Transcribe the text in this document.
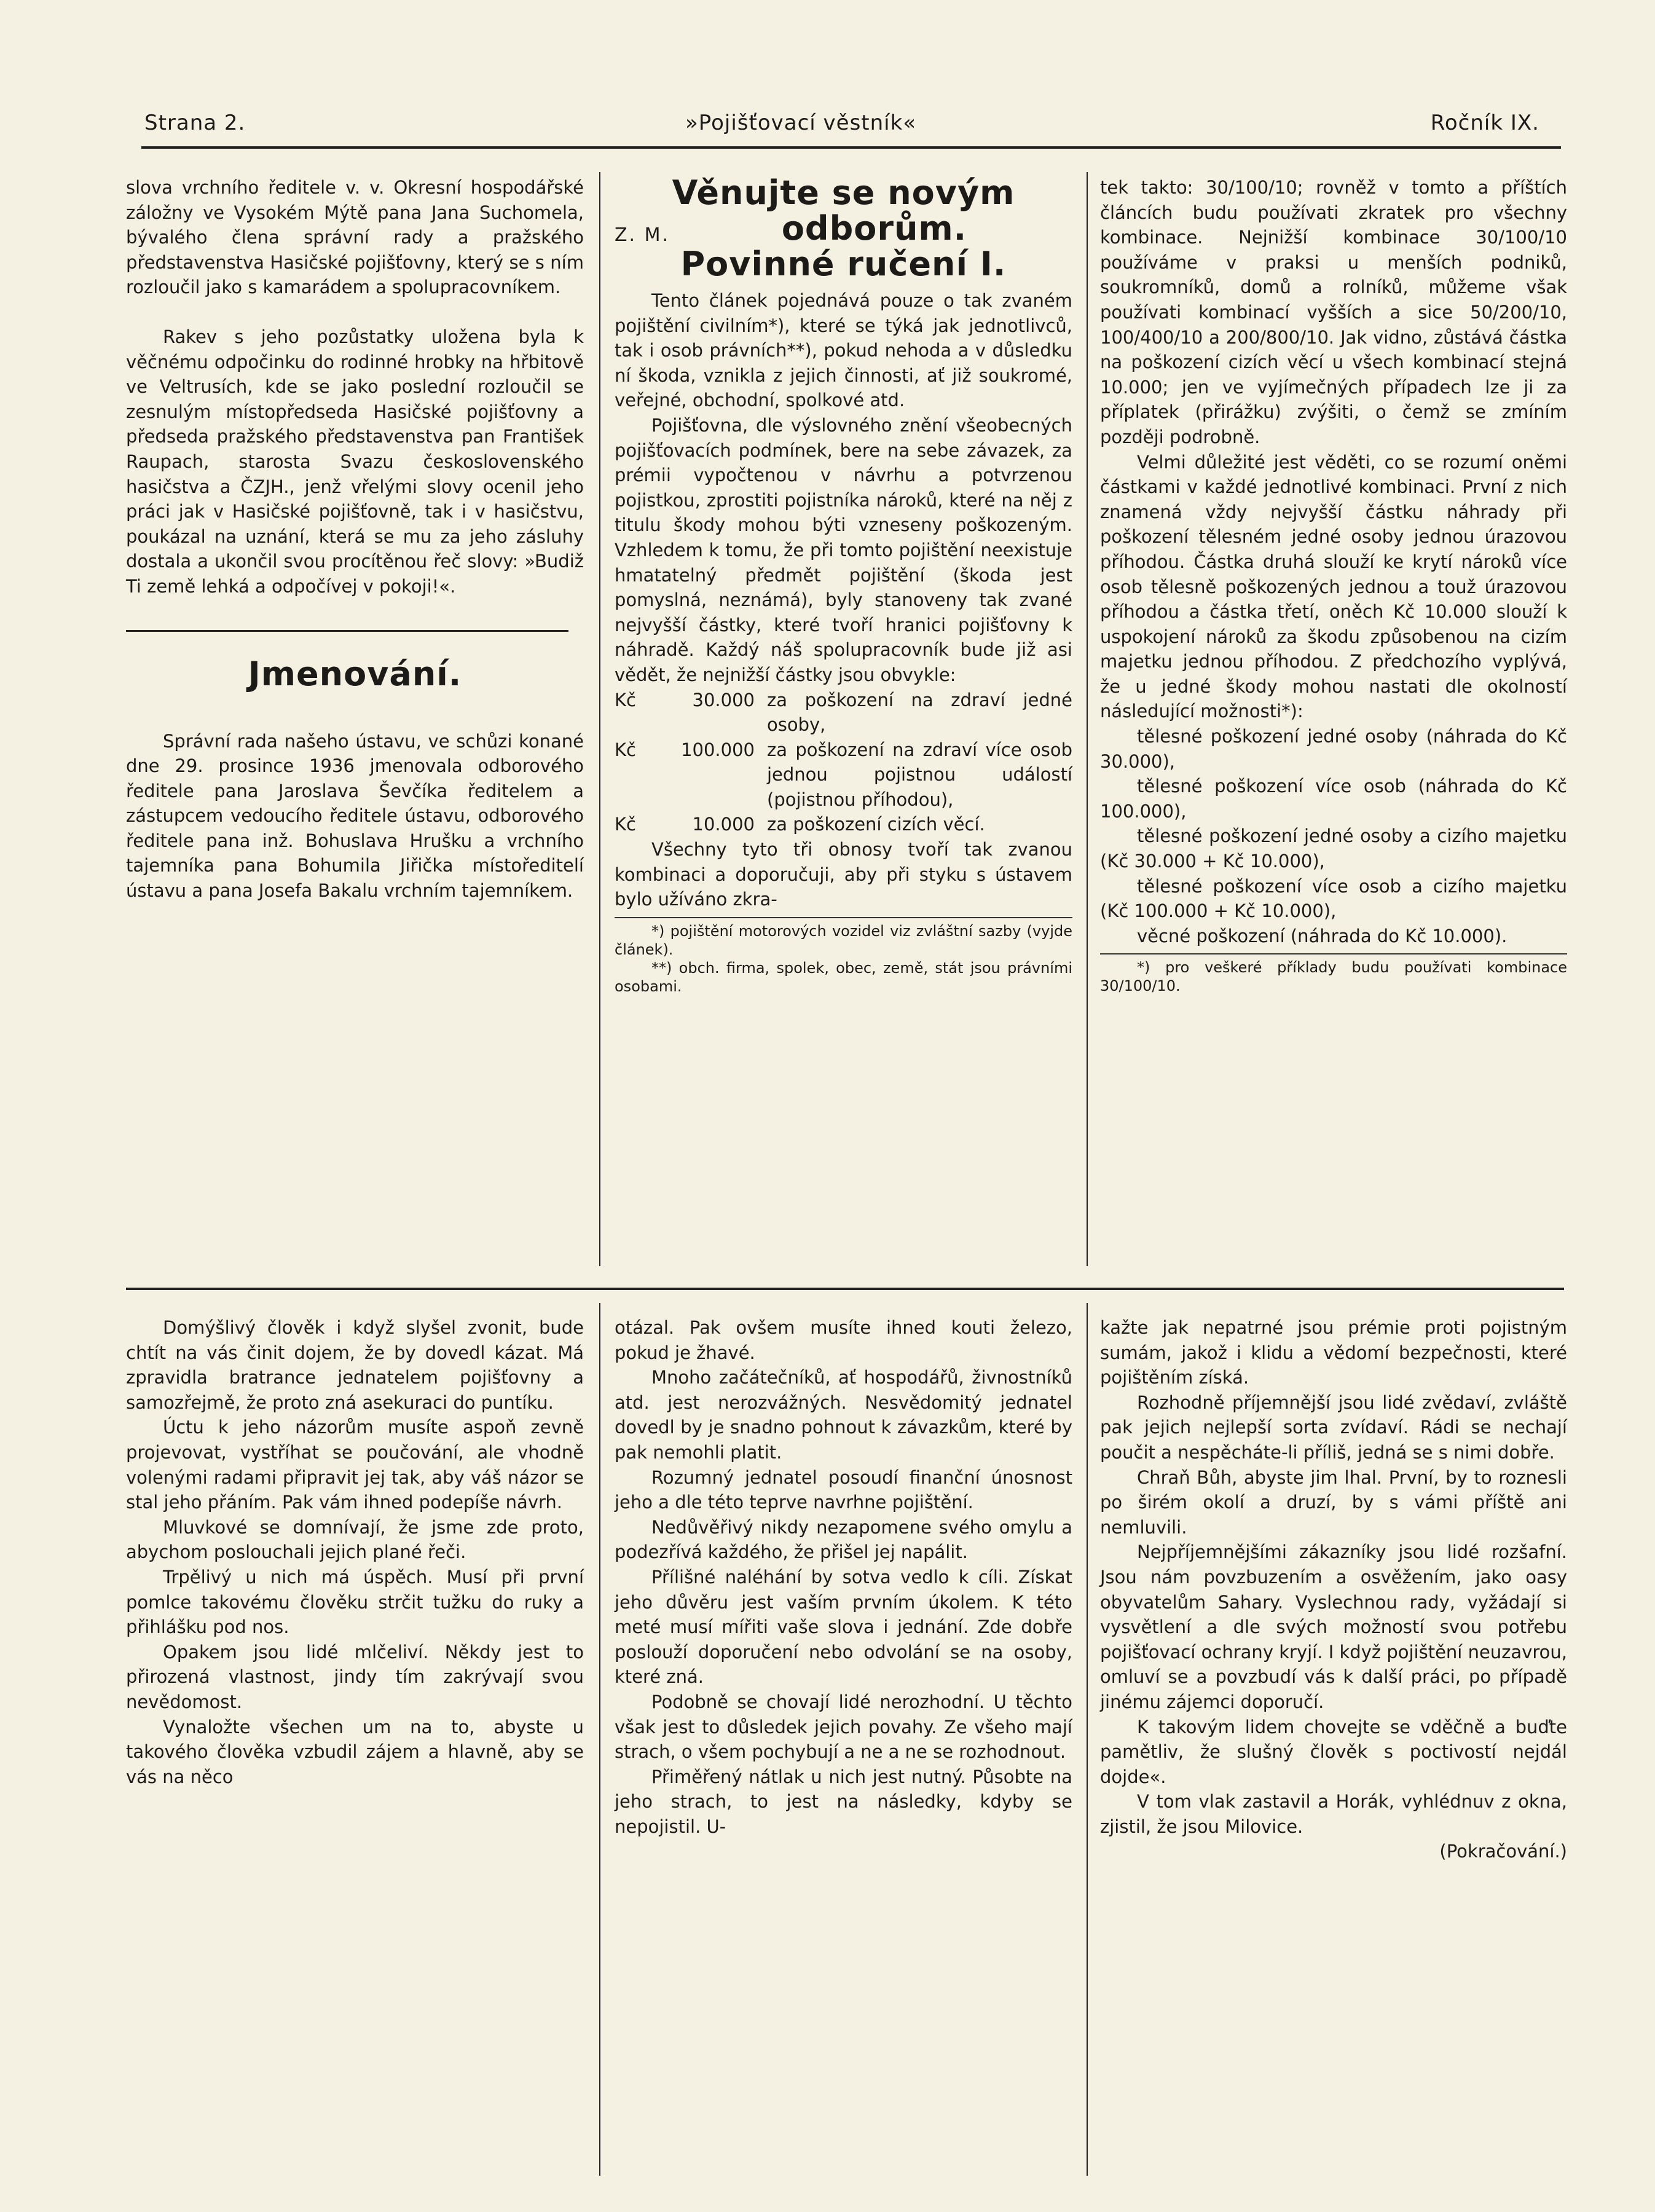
Strana 2.	»Pojišťovací věstník«	Ročník IX.

slova vrchního ředitele v. v. Okresní hospodářské záložny ve Vysokém Mýtě pana Jana Suchomela, bývalého člena správní rady a pražského představenstva Hasičské pojišťovny, který se s ním rozloučil jako s kamarádem a spolupracovníkem.

Rakev s jeho pozůstatky uložena byla k věčnému odpočinku do rodinné hrobky na hřbitově ve Veltrusích, kde se jako poslední rozloučil se zesnulým místopředseda Hasičské pojišťovny a předseda pražského představenstva pan František Raupach, starosta Svazu československého hasičstva a ČZJH., jenž vřelými slovy ocenil jeho práci jak v Hasičské pojišťovně, tak i v hasičstvu, poukázal na uznání, která se mu za jeho zásluhy dostala a ukončil svou procítěnou řeč slovy: »Budiž Ti země lehká a odpočívej v pokoji!«.

Jmenování.

Správní rada našeho ústavu, ve schůzi konané dne 29. prosince 1936 jmenovala odborového ředitele pana Jaroslava Ševčíka ředitelem a zástupcem vedoucího ředitele ústavu, odborového ředitele pana inž. Bohuslava Hrušku a vrchního tajemníka pana Bohumila Jiřička místoředitelí ústavu a pana Josefa Bakalu vrchním tajemníkem.

Z. M.
Věnujte se novým
odborům.
Povinné ručení I.

Tento článek pojednává pouze o tak zvaném pojištění civilním*), které se týká jak jednotlivců, tak i osob právních**), pokud nehoda a v důsledku ní škoda, vznikla z jejich činnosti, ať již soukromé, veřejné, obchodní, spolkové atd.

Pojišťovna, dle výslovného znění všeobecných pojišťovacích podmínek, bere na sebe závazek, za prémii vypočtenou v návrhu a potvrzenou pojistkou, zprostiti pojistníka nároků, které na něj z titulu škody mohou býti vzneseny poškozeným. Vzhledem k tomu, že při tomto pojištění neexistuje hmatatelný předmět pojištění (škoda jest pomyslná, neznámá), byly stanoveny tak zvané nejvyšší částky, které tvoří hranici pojišťovny k náhradě. Každý náš spolupracovník bude již asi vědět, že nejnižší částky jsou obvykle:

Kč	30.000	za poškození na zdraví jedné osoby,
Kč	100.000	za poškození na zdraví více osob jednou pojistnou událostí (pojistnou příhodou),
Kč	10.000	za poškození cizích věcí.

Všechny tyto tři obnosy tvoří tak zvanou kombinaci a doporučuji, aby při styku s ústavem bylo užíváno zkra-

*) pojištění motorových vozidel viz zvláštní sazby (vyjde článek).

**) obch. firma, spolek, obec, země, stát jsou právními osobami.

tek takto: 30/100/10; rovněž v tomto a příštích článcích budu používati zkratek pro všechny kombinace. Nejnižší kombinace 30/100/10 používáme v praksi u menších podniků, soukromníků, domů a rolníků, můžeme však používati kombinací vyšších a sice 50/200/10, 100/400/10 a 200/800/10. Jak vidno, zůstává částka na poškození cizích věcí u všech kombinací stejná 10.000; jen ve vyjímečných případech lze ji za příplatek (přirážku) zvýšiti, o čemž se zmíním později podrobně.

Velmi důležité jest věděti, co se rozumí oněmi částkami v každé jednotlivé kombinaci. První z nich znamená vždy nejvyšší částku náhrady při poškození tělesném jedné osoby jednou úrazovou příhodou. Částka druhá slouží ke krytí nároků více osob tělesně poškozených jednou a touž úrazovou příhodou a částka třetí, oněch Kč 10.000 slouží k uspokojení nároků za škodu způsobenou na cizím majetku jednou příhodou. Z předchozího vyplývá, že u jedné škody mohou nastati dle okolností následující možnosti*):

tělesné poškození jedné osoby (náhrada do Kč 30.000),

tělesné poškození více osob (náhrada do Kč 100.000),

tělesné poškození jedné osoby a cizího majetku (Kč 30.000 + Kč 10.000),

tělesné poškození více osob a cizího majetku (Kč 100.000 + Kč 10.000),

věcné poškození (náhrada do Kč 10.000).

*) pro veškeré příklady budu používati kombinace 30/100/10.

Domýšlivý člověk i když slyšel zvonit, bude chtít na vás činit dojem, že by dovedl kázat. Má zpravidla bratrance jednatelem pojišťovny a samozřejmě, že proto zná asekuraci do puntíku.

Úctu k jeho názorům musíte aspoň zevně projevovat, vystříhat se poučování, ale vhodně volenými radami připravit jej tak, aby váš názor se stal jeho přáním. Pak vám ihned podepíše návrh.

Mluvkové se domnívají, že jsme zde proto, abychom poslouchali jejich plané řeči.

Trpělivý u nich má úspěch. Musí při první pomlce takovému člověku strčit tužku do ruky a přihlášku pod nos.

Opakem jsou lidé mlčeliví. Někdy jest to přirozená vlastnost, jindy tím zakrývají svou nevědomost.

Vynaložte všechen um na to, abyste u takového člověka vzbudil zájem a hlavně, aby se vás na něco

otázal. Pak ovšem musíte ihned kouti železo, pokud je žhavé.

Mnoho začátečníků, ať hospodářů, živnostníků atd. jest nerozvážných. Nesvědomitý jednatel dovedl by je snadno pohnout k závazkům, které by pak nemohli platit.

Rozumný jednatel posoudí finanční únosnost jeho a dle této teprve navrhne pojištění.

Nedůvěřivý nikdy nezapomene svého omylu a podezřívá každého, že přišel jej napálit.

Přílišné naléhání by sotva vedlo k cíli. Získat jeho důvěru jest vaším prvním úkolem. K této meté musí mířiti vaše slova i jednání. Zde dobře poslouží doporučení nebo odvolání se na osoby, které zná.

Podobně se chovají lidé nerozhodní. U těchto však jest to důsledek jejich povahy. Ze všeho mají strach, o všem pochybují a ne a ne se rozhodnout.

Přiměřený nátlak u nich jest nutný. Působte na jeho strach, to jest na následky, kdyby se nepojistil. U-

kažte jak nepatrné jsou prémie proti pojistným sumám, jakož i klidu a vědomí bezpečnosti, které pojištěním získá.

Rozhodně příjemnější jsou lidé zvědaví, zvláště pak jejich nejlepší sorta zvídaví. Rádi se nechají poučit a nespěcháte-li příliš, jedná se s nimi dobře.

Chraň Bůh, abyste jim lhal. První, by to roznesli po širém okolí a druzí, by s vámi příště ani nemluvili.

Nejpříjemnějšími zákazníky jsou lidé rozšafní. Jsou nám povzbuzením a osvěžením, jako oasy obyvatelům Sahary. Vyslechnou rady, vyžádají si vysvětlení a dle svých možností svou potřebu pojišťovací ochrany kryjí. I když pojištění neuzavrou, omluví se a povzbudí vás k další práci, po případě jinému zájemci doporučí.

K takovým lidem chovejte se vděčně a buďte pamětliv, že slušný člověk s poctivostí nejdál dojde«.

V tom vlak zastavil a Horák, vyhlédnuv z okna, zjistil, že jsou Milovice.

(Pokračování.)
